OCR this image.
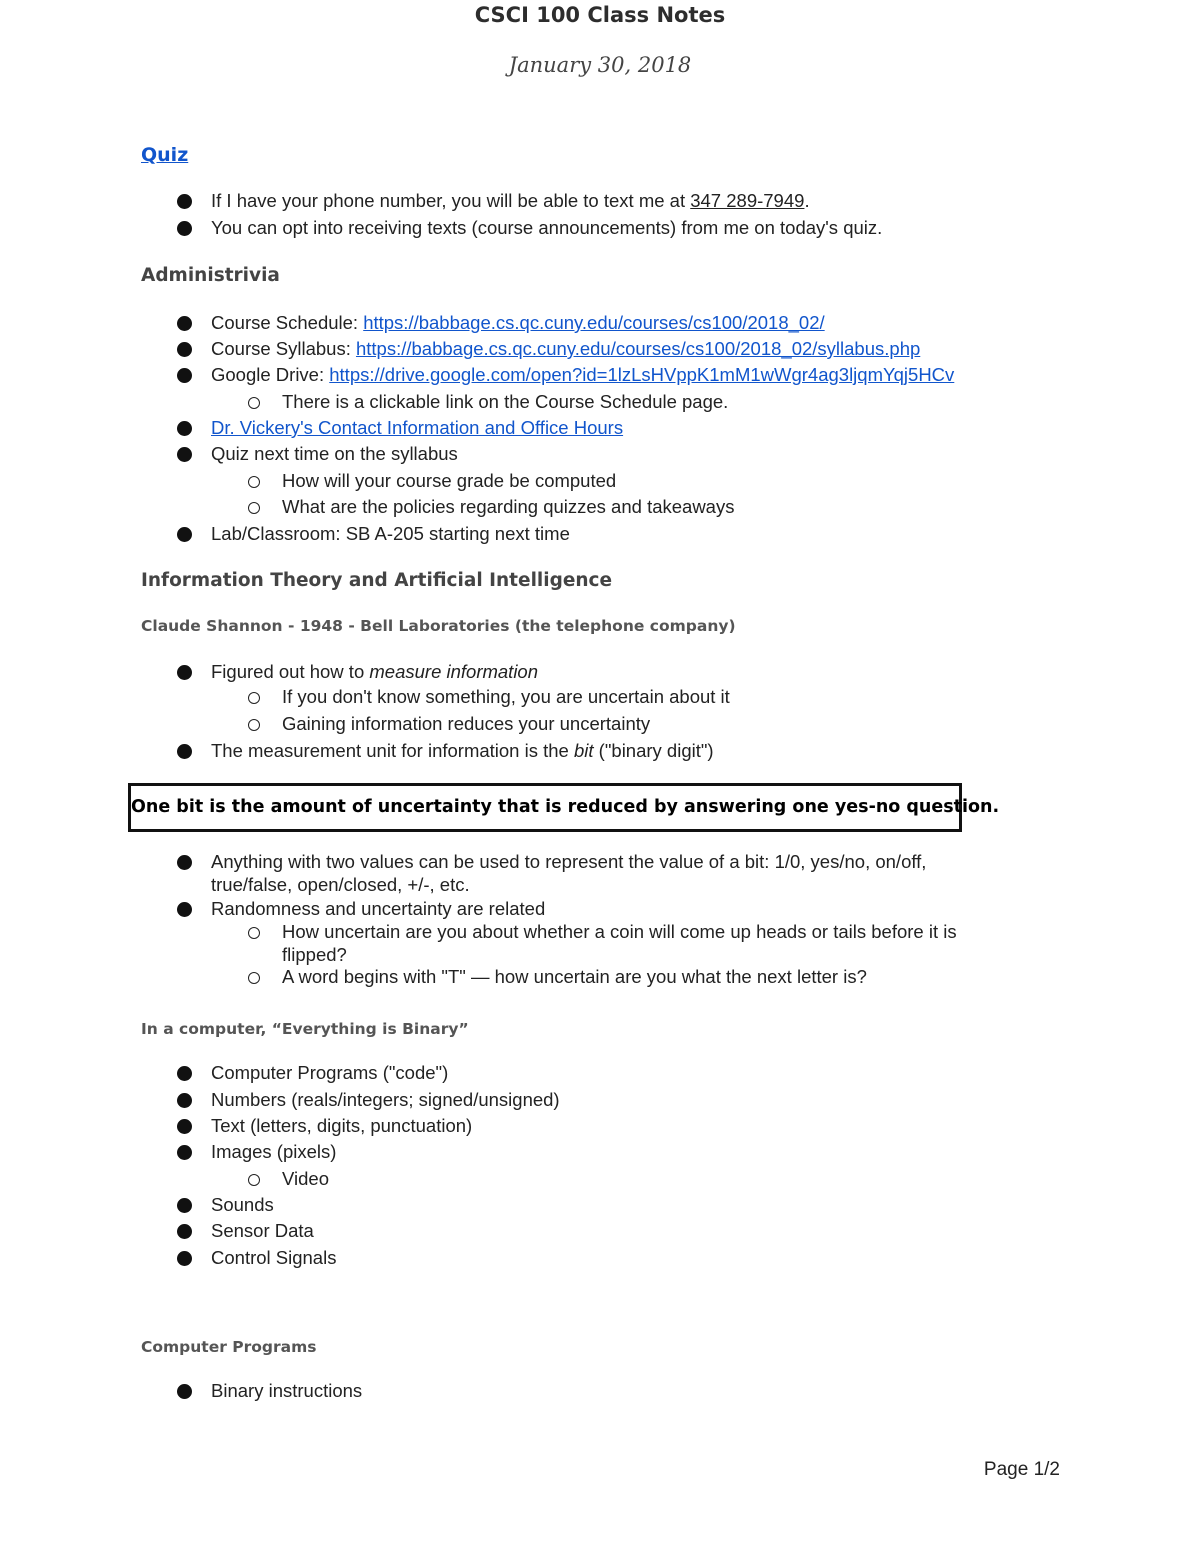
CSCI 100 Class Notes
January 30, 2018
Quiz
If I have your phone number, you will be able to text me at 347 289-7949.
You can opt into receiving texts (course announcements) from me on today's quiz.
Administrivia
Course Schedule: https://babbage.cs.qc.cuny.edu/courses/cs100/2018_02/
Course Syllabus: https://babbage.cs.qc.cuny.edu/courses/cs100/2018_02/syllabus.php
Google Drive: https://drive.google.com/open?id=1lzLsHVppK1mM1wWgr4ag3ljqmYqj5HCv
There is a clickable link on the Course Schedule page.
Dr. Vickery's Contact Information and Office Hours
Quiz next time on the syllabus
How will your course grade be computed
What are the policies regarding quizzes and takeaways
Lab/Classroom: SB A-205 starting next time
Information Theory and Artificial Intelligence
Claude Shannon - 1948 - Bell Laboratories (the telephone company)
Figured out how to measure information
If you don't know something, you are uncertain about it
Gaining information reduces your uncertainty
The measurement unit for information is the bit ("binary digit")
One bit is the amount of uncertainty that is reduced by answering one yes-no question.
Anything with two values can be used to represent the value of a bit: 1/0, yes/no, on/off,
true/false, open/closed, +/-, etc.
Randomness and uncertainty are related
How uncertain are you about whether a coin will come up heads or tails before it is
flipped?
A word begins with "T" — how uncertain are you what the next letter is?
In a computer, “Everything is Binary”
Computer Programs ("code")
Numbers (reals/integers; signed/unsigned)
Text (letters, digits, punctuation)
Images (pixels)
Video
Sounds
Sensor Data
Control Signals
Computer Programs
Binary instructions
Page 1/2
